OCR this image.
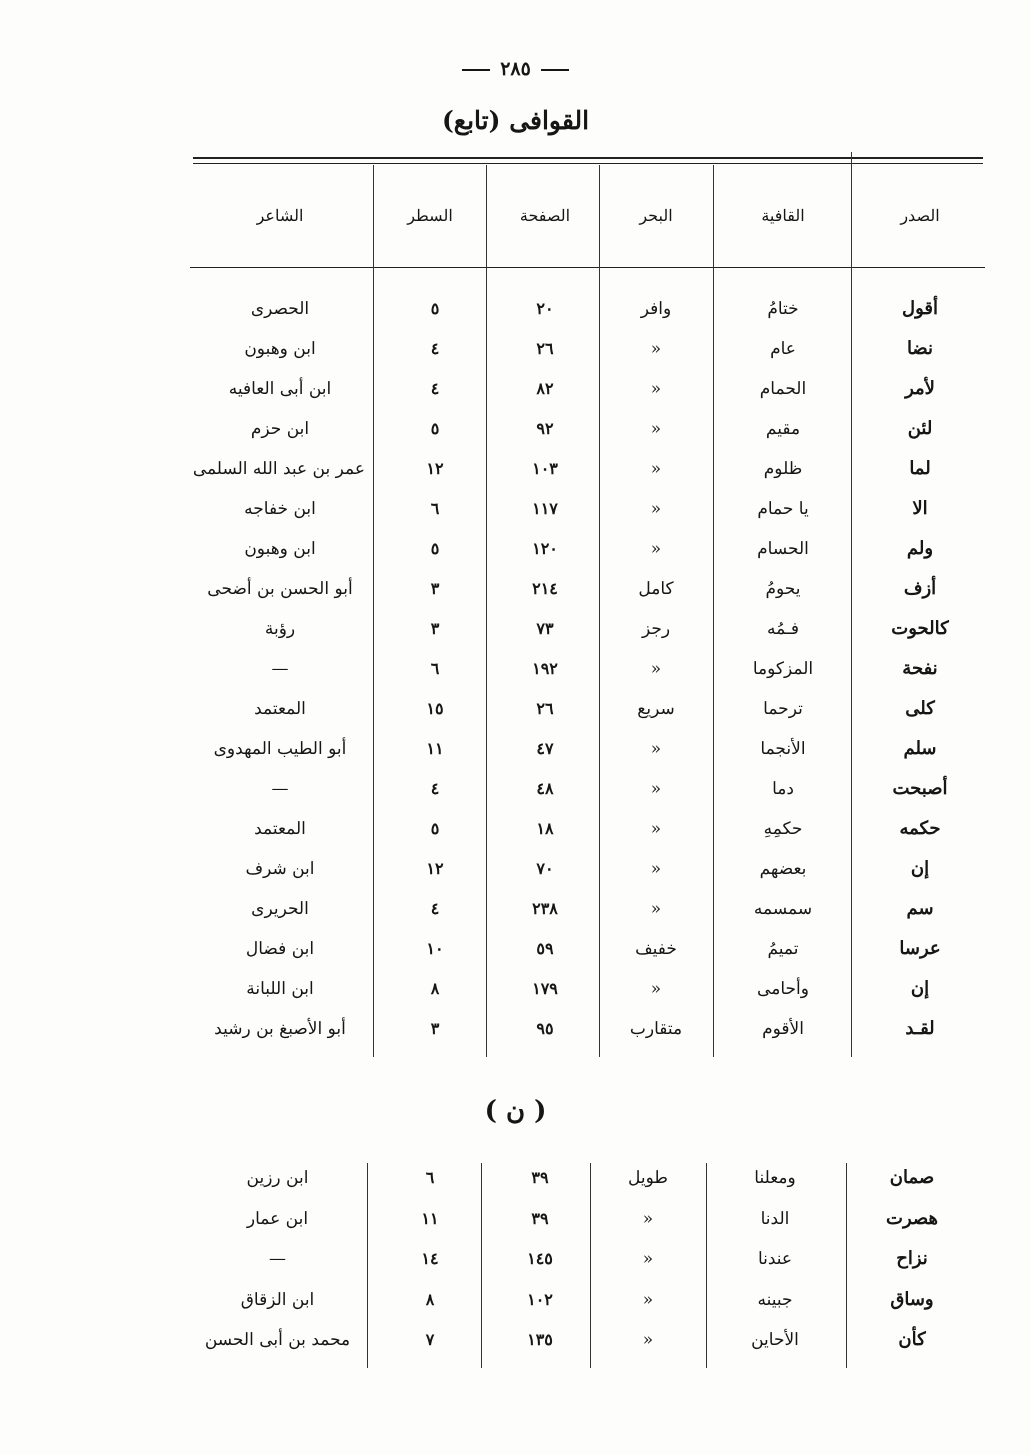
٢٨٥
(تابع) القوافى
الصدر
القافية
البحر
الصفحة
السطر
الشاعر
أقول
ختامُ
وافر
٢٠
٥
الحصرى
نضا
عام
«
٢٦
٤
ابن وهبون
لأمر
الحمام
«
٨٢
٤
ابن أبى العافيه
لئن
مقيم
«
٩٢
٥
ابن حزم
لما
ظلوم
«
١٠٣
١٢
عمر بن عبد الله السلمى
الا
يا حمام
«
١١٧
٦
ابن خفاجه
ولم
الحسام
«
١٢٠
٥
ابن وهبون
أزف
يحومُ
كامل
٢١٤
٣
أبو الحسن بن أضحى
كالحوت
فـمُه
رجز
٧٣
٣
رؤبة
نفحة
المزكوما
«
١٩٢
٦
—
كلى
ترحما
سريع
٢٦
١٥
المعتمد
سلم
الأنجما
«
٤٧
١١
أبو الطيب المهدوى
أصبحت
دما
«
٤٨
٤
—
حكمه
حكمِهِ
«
١٨
٥
المعتمد
إن
بعضهم
«
٧٠
١٢
ابن شرف
سم
سمسمه
«
٢٣٨
٤
الحريرى
عرسا
تميمُ
خفيف
٥٩
١٠
ابن فضال
إن
وأحامى
«
١٧٩
٨
ابن اللبانة
لقـد
الأقوم
متقارب
٩٥
٣
أبو الأصبغ بن رشيد
( ن )
صمان
ومعلنا
طويل
٣٩
٦
ابن رزين
هصرت
الدنا
«
٣٩
١١
ابن عمار
نزاح
عندنا
«
١٤٥
١٤
—
وساق
جبينه
«
١٠٢
٨
ابن الزقاق
كأن
الأحاين
«
١٣٥
٧
محمد بن أبى الحسن
